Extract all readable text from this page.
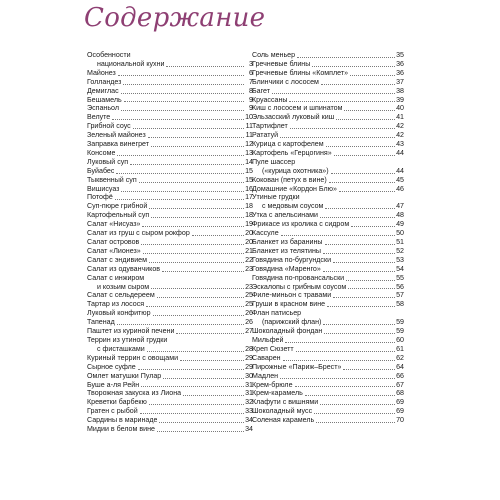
Содержание
Особенности
национальной кухни	3
Майонез	6
Голландез	7
Демиглас	8
Бешамель	9
Эспаньол	9
Велуте	10
Грибной соус	11
Зеленый майонез	11
Заправка винегрет	12
Консоме	13
Луковый суп	14
Буйабес	15
Тыквенный суп	15
Вишисуаз	16
Потофё	17
Суп-пюре грибной	18
Картофельный суп	18
Салат «Нисуаз»	19
Салат из груш с сыром рокфор	20
Салат островов	20
Салат «Лионез»	21
Салат с эндивием	22
Салат из одуванчиков	23
Салат с инжиром
и козьим сыром	23
Салат с сельдереем	25
Тартар из лосося	25
Луковый конфитюр	26
Тапенад	26
Паштет из куриной печени	27
Террин из утиной грудки
с фисташками	28
Куриный террин с овощами	29
Сырное суфле	29
Омлет матушки Пулар	30
Буше а-ля Рейн	31
Творожная закуска из Лиона	31
Креветки барбекю	32
Гратен с рыбой	33
Сардины в маринаде	34
Мидии в белом вине	34
Соль меньер	35
Гречневые блины	36
Гречневые блины «Комплет»	36
Блинчики с лососем	37
Багет	38
Круассаны	39
Киш с лососем и шпинатом	40
Эльзасский луковый киш	41
Тартифлет	42
Рататуй	42
Курица с картофелем	43
Картофель «Герцогиня»	44
Пуле шассер
(«курица охотника»)	44
Кокован (петух в вине)	45
Домашние «Кордон Блю»	46
Утиные грудки
с медовым соусом	47
Утка с апельсинами	48
Фрикасе из кролика с сидром	49
Кассуле	50
Бланкет из баранины	51
Бланкет из телятины	52
Говядина по-бургундски	53
Говядина «Маренго»	54
Говядина по-провансальски	55
Эскалопы с грибным соусом	56
Филе-миньон с травами	57
Груши в красном вине	58
Флан патисьер
(парижский флан)	59
Шоколадный фондан	59
Мильфей	60
Креп Сюзетт	61
Саварен	62
Пирожные «Париж–Брест»	64
Мадлен	66
Крем-брюле	67
Крем-карамель	68
Клафути с вишнями	69
Шоколадный мусс	69
Соленая карамель	70
